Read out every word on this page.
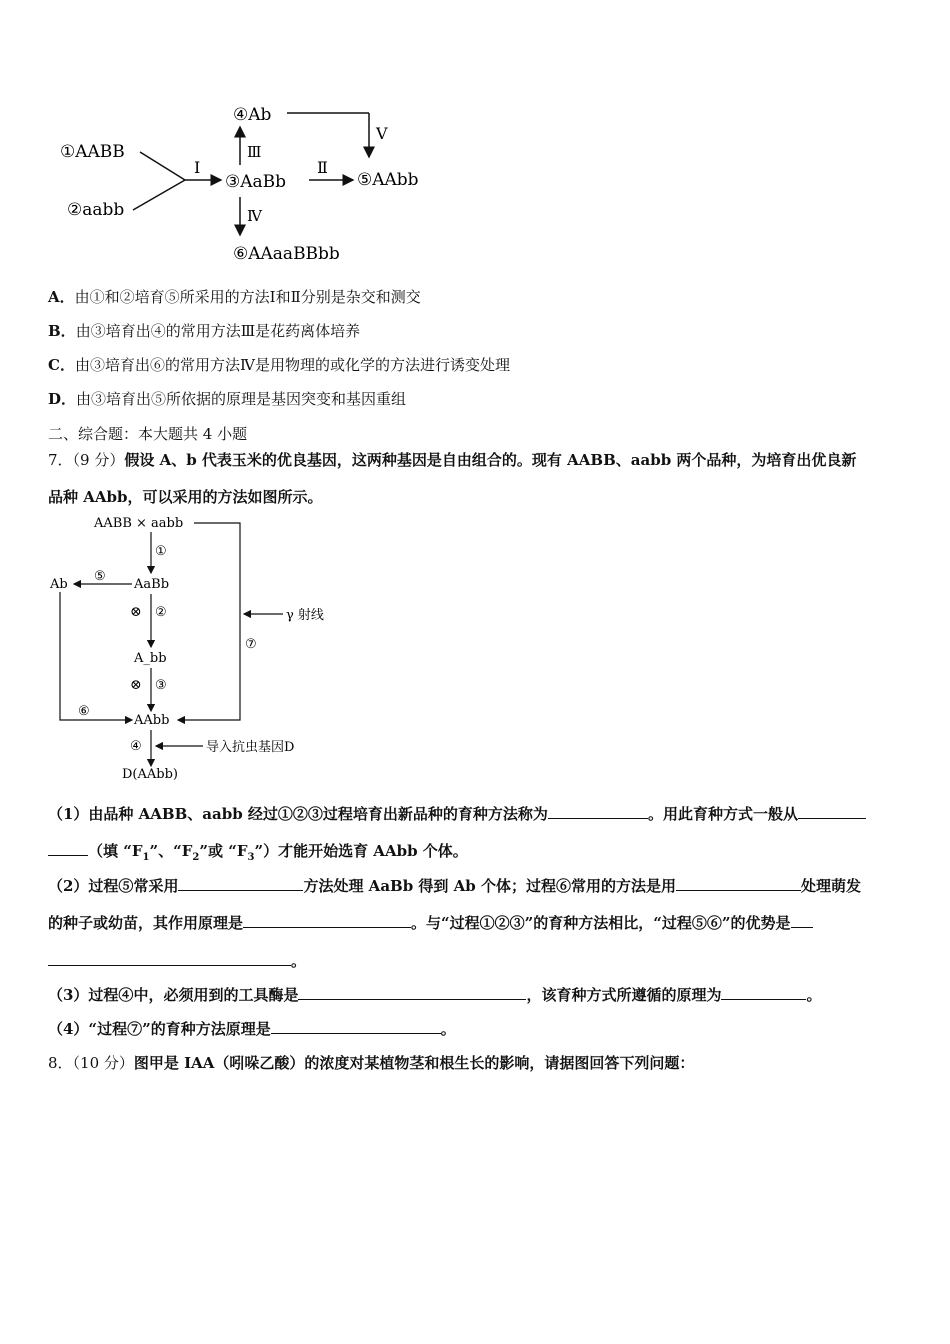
①AABB
②aabb
Ⅰ
③AaBb
Ⅲ
④Ab
Ⅴ
Ⅱ
⑤AAbb
Ⅳ
⑥AAaaBBbb
A．由①和②培育⑤所采用的方法Ⅰ和Ⅱ分别是杂交和测交
B．由③培育出④的常用方法Ⅲ是花药离体培养
C．由③培育出⑥的常用方法Ⅳ是用物理的或化学的方法进行诱变处理
D．由③培育出⑤所依据的原理是基因突变和基因重组
二、综合题：本大题共 4 小题
7．（9 分）假设 A、b 代表玉米的优良基因，这两种基因是自由组合的。现有 AABB、aabb 两个品种，为培育出优良新
品种 AAbb，可以采用的方法如图所示。
AABB × aabb
①
AaBb
⑤
Ab
⊗ ②
A_bb
⊗ ③
AAbb
⑥
γ 射线
⑦
④	导入抗虫基因D
D(AAbb)
（1）由品种 AABB、aabb 经过①②③过程培育出新品种的育种方法称为	。用此育种方式一般从
（填 “$F_1$”、“$F_2$”或 “$F_3$”）才能开始选育 AAbb 个体。
（2）过程⑤常采用	方法处理 AaBb 得到 Ab 个体；过程⑥常用的方法是用	处理萌发
的种子或幼苗，其作用原理是	。与“过程①②③”的育种方法相比，“过程⑤⑥”的优势是
。
（3）过程④中，必须用到的工具酶是	，该育种方式所遵循的原理为	。
（4）“过程⑦”的育种方法原理是	。
8．（10 分）图甲是 IAA（吲哚乙酸）的浓度对某植物茎和根生长的影响，请据图回答下列问题：
